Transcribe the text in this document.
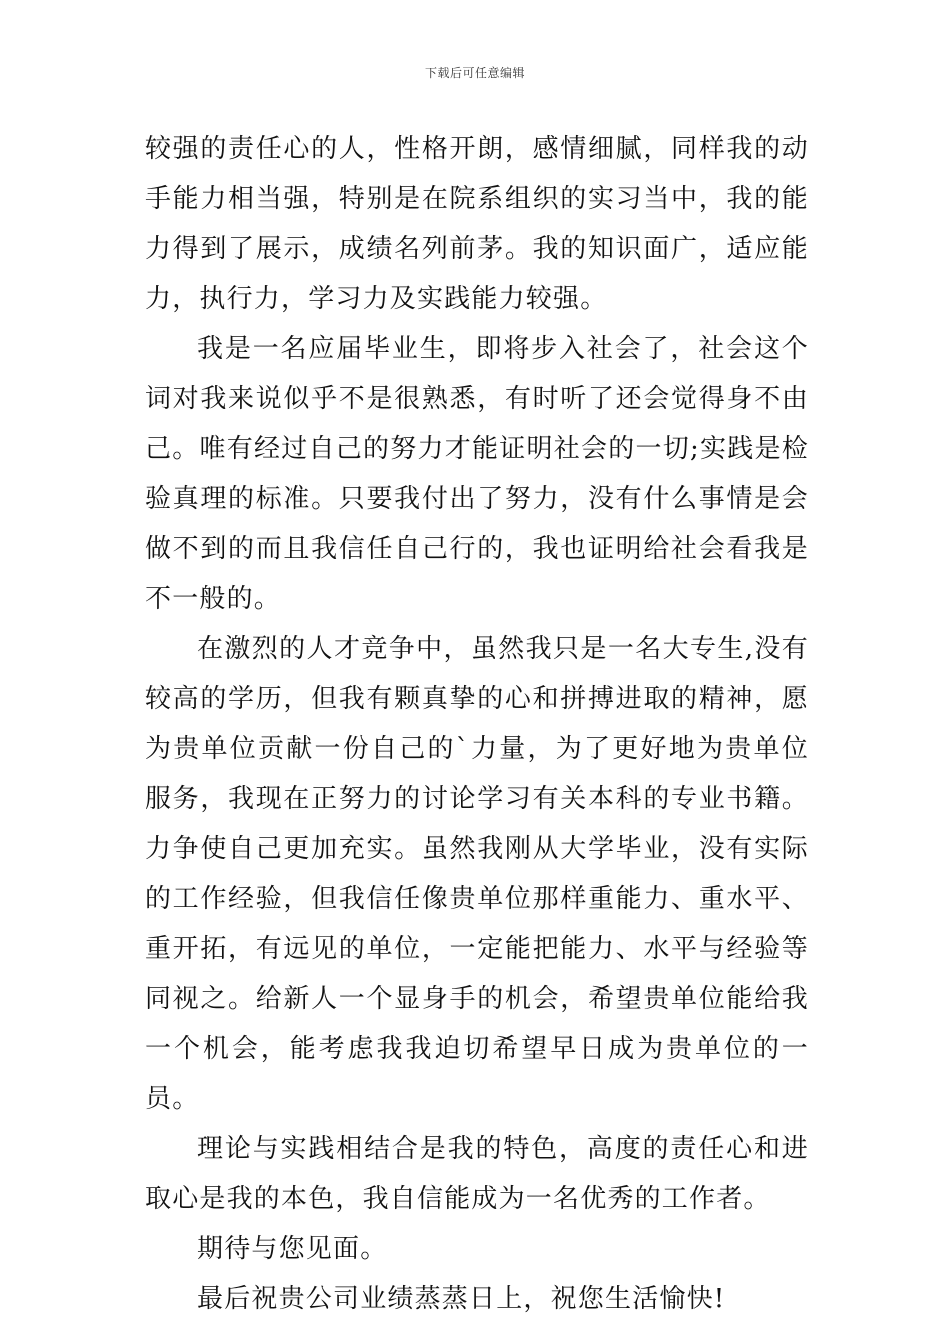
下载后可任意编辑

较强的责任心的人，性格开朗，感情细腻，同样我的动手能力相当强，特别是在院系组织的实习当中，我的能力得到了展示，成绩名列前茅。我的知识面广，适应能力，执行力，学习力及实践能力较强。

我是一名应届毕业生，即将步入社会了，社会这个词对我来说似乎不是很熟悉，有时听了还会觉得身不由己。唯有经过自己的努力才能证明社会的一切;实践是检验真理的标准。只要我付出了努力，没有什么事情是会做不到的而且我信任自己行的，我也证明给社会看我是不一般的。

在激烈的人才竞争中，虽然我只是一名大专生,没有较高的学历，但我有颗真挚的心和拼搏进取的精神，愿为贵单位贡献一份自己的`力量，为了更好地为贵单位服务，我现在正努力的讨论学习有关本科的专业书籍。力争使自己更加充实。虽然我刚从大学毕业，没有实际的工作经验，但我信任像贵单位那样重能力、重水平、重开拓，有远见的单位，一定能把能力、水平与经验等同视之。给新人一个显身手的机会，希望贵单位能给我一个机会，能考虑我我迫切希望早日成为贵单位的一员。

理论与实践相结合是我的特色，高度的责任心和进取心是我的本色，我自信能成为一名优秀的工作者。

期待与您见面。

最后祝贵公司业绩蒸蒸日上，祝您生活愉快!
